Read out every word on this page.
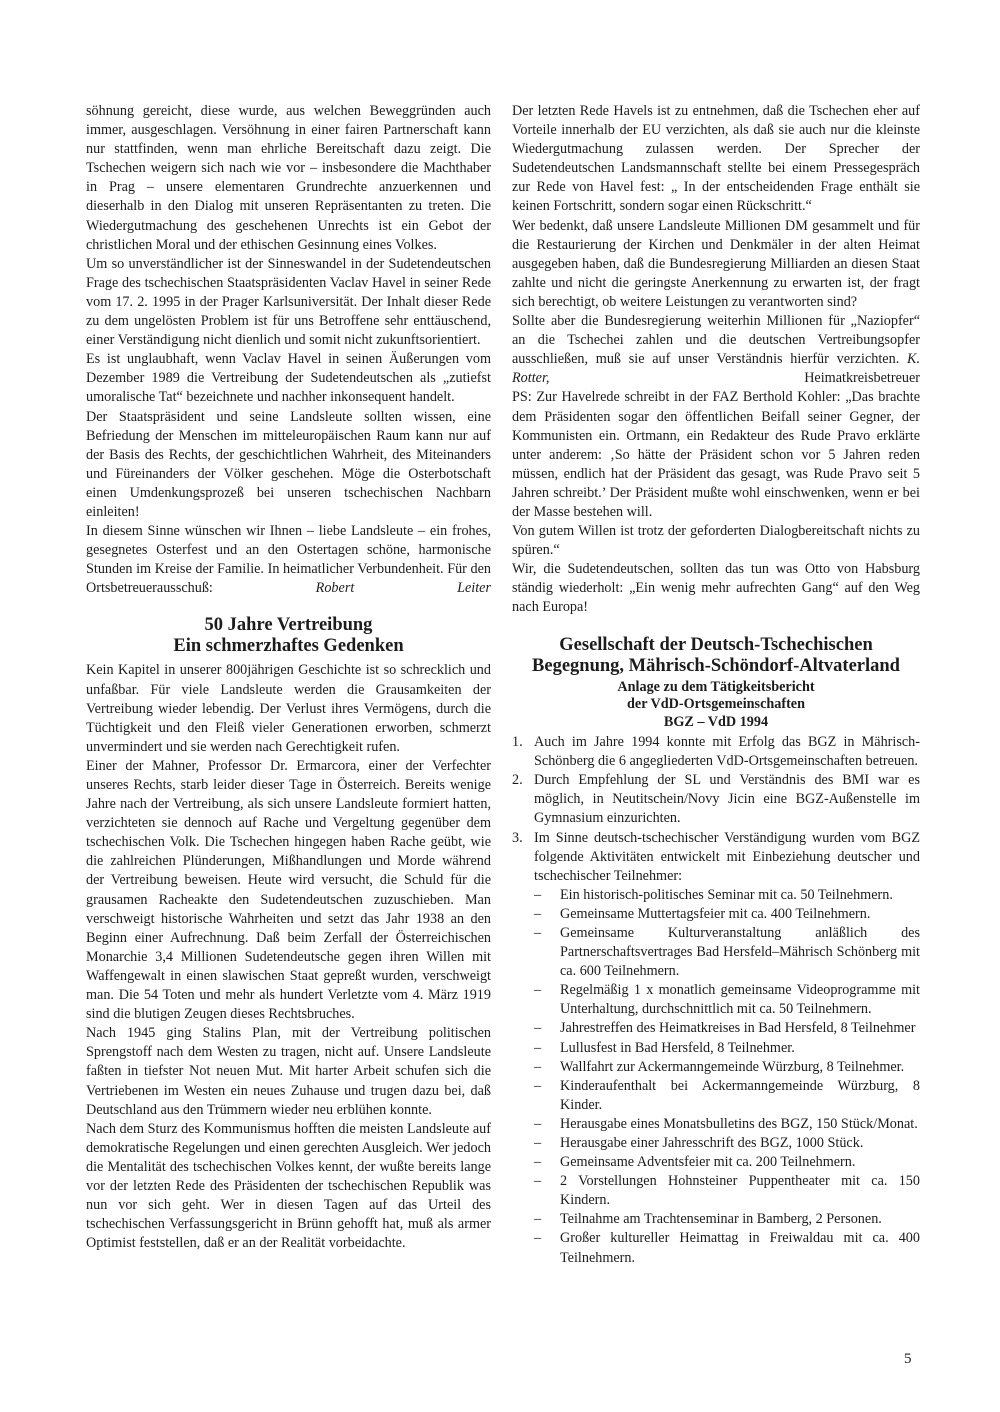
söhnung gereicht, diese wurde, aus welchen Beweggründen auch immer, ausgeschlagen. Versöhnung in einer fairen Partnerschaft kann nur stattfinden, wenn man ehrliche Bereitschaft dazu zeigt. Die Tschechen weigern sich nach wie vor – insbesondere die Machthaber in Prag – unsere elementaren Grundrechte anzuerkennen und dieserhalb in den Dialog mit unseren Repräsentanten zu treten. Die Wiedergutmachung des geschehenen Unrechts ist ein Gebot der christlichen Moral und der ethischen Gesinnung eines Volkes.

Um so unverständlicher ist der Sinneswandel in der Sudetendeutschen Frage des tschechischen Staatspräsidenten Vaclav Havel in seiner Rede vom 17. 2. 1995 in der Prager Karlsuniversität. Der Inhalt dieser Rede zu dem ungelösten Problem ist für uns Betroffene sehr enttäuschend, einer Verständigung nicht dienlich und somit nicht zukunftsorientiert.

Es ist unglaubhaft, wenn Vaclav Havel in seinen Äußerungen vom Dezember 1989 die Vertreibung der Sudetendeutschen als „zutiefst umoralische Tat“ bezeichnete und nachher inkonsequent handelt.

Der Staatspräsident und seine Landsleute sollten wissen, eine Befriedung der Menschen im mitteleuropäischen Raum kann nur auf der Basis des Rechts, der geschichtlichen Wahrheit, des Miteinanders und Füreinanders der Völker geschehen. Möge die Osterbotschaft einen Umdenkungsprozeß bei unseren tschechischen Nachbarn einleiten!

In diesem Sinne wünschen wir Ihnen – liebe Landsleute – ein frohes, gesegnetes Osterfest und an den Ostertagen schöne, harmonische Stunden im Kreise der Familie. In heimatlicher Verbundenheit. Für den Ortsbetreuerausschuß:	Robert Leiter

50 Jahre Vertreibung
Ein schmerzhaftes Gedenken

Kein Kapitel in unserer 800jährigen Geschichte ist so schrecklich und unfaßbar. Für viele Landsleute werden die Grausamkeiten der Vertreibung wieder lebendig. Der Verlust ihres Vermögens, durch die Tüchtigkeit und den Fleiß vieler Generationen erworben, schmerzt unvermindert und sie werden nach Gerechtigkeit rufen.

Einer der Mahner, Professor Dr. Ermarcora, einer der Verfechter unseres Rechts, starb leider dieser Tage in Österreich. Bereits wenige Jahre nach der Vertreibung, als sich unsere Landsleute formiert hatten, verzichteten sie dennoch auf Rache und Vergeltung gegenüber dem tschechischen Volk. Die Tschechen hingegen haben Rache geübt, wie die zahlreichen Plünderungen, Mißhandlungen und Morde während der Vertreibung beweisen. Heute wird versucht, die Schuld für die grausamen Racheakte den Sudetendeutschen zuzuschieben. Man verschweigt historische Wahrheiten und setzt das Jahr 1938 an den Beginn einer Aufrechnung. Daß beim Zerfall der Österreichischen Monarchie 3,4 Millionen Sudetendeutsche gegen ihren Willen mit Waffengewalt in einen slawischen Staat gepreßt wurden, verschweigt man. Die 54 Toten und mehr als hundert Verletzte vom 4. März 1919 sind die blutigen Zeugen dieses Rechtsbruches.

Nach 1945 ging Stalins Plan, mit der Vertreibung politischen Sprengstoff nach dem Westen zu tragen, nicht auf. Unsere Landsleute faßten in tiefster Not neuen Mut. Mit harter Arbeit schufen sich die Vertriebenen im Westen ein neues Zuhause und trugen dazu bei, daß Deutschland aus den Trümmern wieder neu erblühen konnte.

Nach dem Sturz des Kommunismus hofften die meisten Landsleute auf demokratische Regelungen und einen gerechten Ausgleich. Wer jedoch die Mentalität des tschechischen Volkes kennt, der wußte bereits lange vor der letzten Rede des Präsidenten der tschechischen Republik was nun vor sich geht. Wer in diesen Tagen auf das Urteil des tschechischen Verfassungsgericht in Brünn gehofft hat, muß als armer Optimist feststellen, daß er an der Realität vorbeidachte.

Der letzten Rede Havels ist zu entnehmen, daß die Tschechen eher auf Vorteile innerhalb der EU verzichten, als daß sie auch nur die kleinste Wiedergutmachung zulassen werden. Der Sprecher der Sudetendeutschen Landsmannschaft stellte bei einem Pressegespräch zur Rede von Havel fest: „ In der entscheidenden Frage enthält sie keinen Fortschritt, sondern sogar einen Rückschritt.“

Wer bedenkt, daß unsere Landsleute Millionen DM gesammelt und für die Restaurierung der Kirchen und Denkmäler in der alten Heimat ausgegeben haben, daß die Bundesregierung Milliarden an diesen Staat zahlte und nicht die geringste Anerkennung zu erwarten ist, der fragt sich berechtigt, ob weitere Leistungen zu verantworten sind?

Sollte aber die Bundesregierung weiterhin Millionen für „Naziopfer“ an die Tschechei zahlen und die deutschen Vertreibungsopfer ausschließen, muß sie auf unser Verständnis hierfür verzichten. K. Rotter,	Heimatkreisbetreuer

PS: Zur Havelrede schreibt in der FAZ Berthold Kohler: „Das brachte dem Präsidenten sogar den öffentlichen Beifall seiner Gegner, der Kommunisten ein. Ortmann, ein Redakteur des Rude Pravo erklärte unter anderem: ‚So hätte der Präsident schon vor 5 Jahren reden müssen, endlich hat der Präsident das gesagt, was Rude Pravo seit 5 Jahren schreibt.’ Der Präsident mußte wohl einschwenken, wenn er bei der Masse bestehen will.

Von gutem Willen ist trotz der geforderten Dialogbereitschaft nichts zu spüren.“

Wir, die Sudetendeutschen, sollten das tun was Otto von Habsburg ständig wiederholt: „Ein wenig mehr aufrechten Gang“ auf den Weg nach Europa!

Gesellschaft der Deutsch-Tschechischen
Begegnung, Mährisch-Schöndorf-Altvaterland
Anlage zu dem Tätigkeitsbericht
der VdD-Ortsgemeinschaften
BGZ – VdD 1994
1. Auch im Jahre 1994 konnte mit Erfolg das BGZ in Mährisch-Schönberg die 6 angegliederten VdD-Ortsgemeinschaften betreuen.

2. Durch Empfehlung der SL und Verständnis des BMI war es möglich, in Neutitschein/Novy Jicin eine BGZ-Außenstelle im Gymnasium einzurichten.

3. Im Sinne deutsch-tschechischer Verständigung wurden vom BGZ folgende Aktivitäten entwickelt mit Einbeziehung deutscher und tschechischer Teilnehmer:

–	Ein historisch-politisches Seminar mit ca. 50 Teilnehmern.
–	Gemeinsame Muttertagsfeier mit ca. 400 Teilnehmern.
–	Gemeinsame Kulturveranstaltung anläßlich des Partnerschaftsvertrages Bad Hersfeld–Mährisch Schönberg mit ca. 600 Teilnehmern.
–	Regelmäßig 1 x monatlich gemeinsame Videoprogramme mit Unterhaltung, durchschnittlich mit ca. 50 Teilnehmern.
–	Jahrestreffen des Heimatkreises in Bad Hersfeld, 8 Teilnehmer
–	Lullusfest in Bad Hersfeld, 8 Teilnehmer.
–	Wallfahrt zur Ackermanngemeinde Würzburg, 8 Teilnehmer.
–	Kinderaufenthalt bei Ackermanngemeinde Würzburg, 8 Kinder.
–	Herausgabe eines Monatsbulletins des BGZ, 150 Stück/Monat.
–	Herausgabe einer Jahresschrift des BGZ, 1000 Stück.
–	Gemeinsame Adventsfeier mit ca. 200 Teilnehmern.
–	2 Vorstellungen Hohnsteiner Puppentheater mit ca. 150 Kindern.
–	Teilnahme am Trachtenseminar in Bamberg, 2 Personen.
–	Großer kultureller Heimattag in Freiwaldau mit ca. 400 Teilnehmern.
5
